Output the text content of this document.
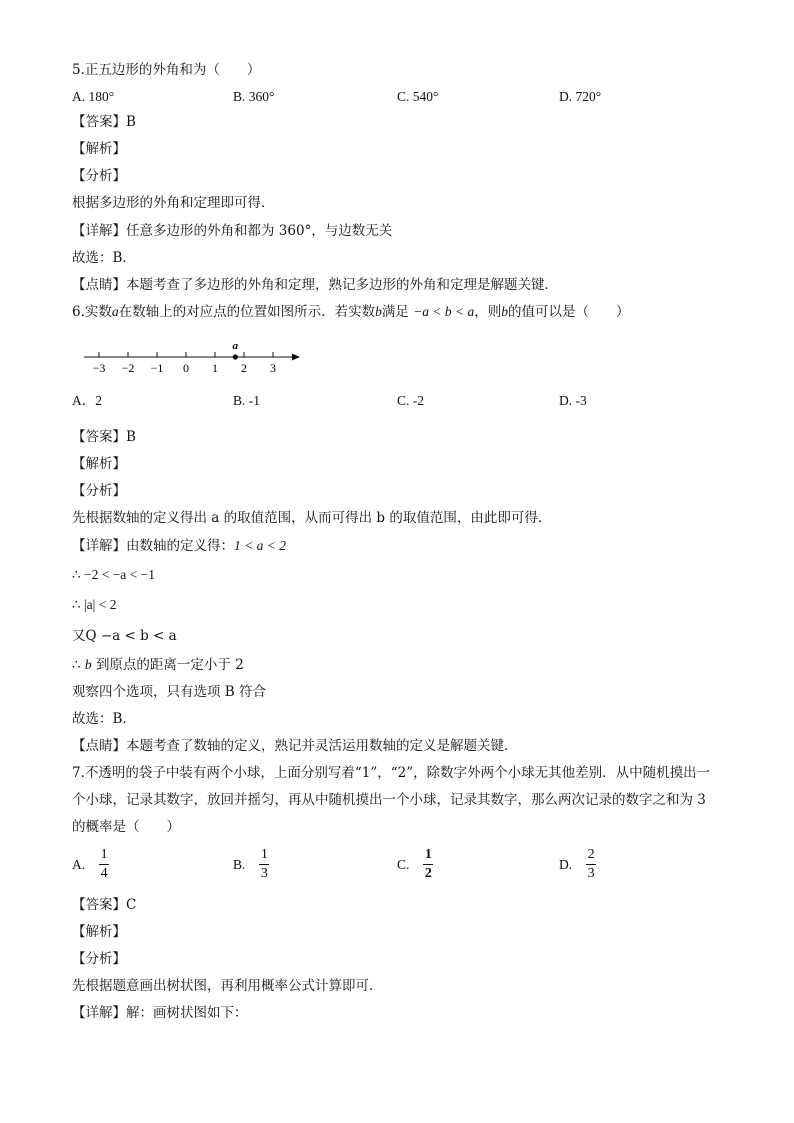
5.正五边形的外角和为（　　）
A. 180°	B. 360°	C. 540°	D. 720°
【答案】B
【解析】
【分析】
根据多边形的外角和定理即可得．
【详解】任意多边形的外角和都为 360°，与边数无关
故选：B．
【点睛】本题考查了多边形的外角和定理，熟记多边形的外角和定理是解题关键．
6.实数a在数轴上的对应点的位置如图所示．若实数b满足 −a < b < a，则b的值可以是（　　）
−3 −2 −1 0 1 2 3
a
A．2	B. -1	C. -2	D. -3
【答案】B
【解析】
【分析】
先根据数轴的定义得出 a 的取值范围，从而可得出 b 的取值范围，由此即可得．
【详解】由数轴的定义得：1 < a < 2
∴ −2 < −a < −1
∴ |a| < 2
又Q −a < b < a
∴ b 到原点的距离一定小于 2
观察四个选项，只有选项 B 符合
故选：B．
【点睛】本题考查了数轴的定义，熟记并灵活运用数轴的定义是解题关键．
7.不透明的袋子中装有两个小球，上面分别写着“1”，“2”，除数字外两个小球无其他差别．从中随机摸出一
个小球，记录其数字，放回并摇匀，再从中随机摸出一个小球，记录其数字，那么两次记录的数字之和为 3
的概率是（　　）
A.
1
4
B.
1
3
C.
1
2
D.
2
3
【答案】C
【解析】
【分析】
先根据题意画出树状图，再利用概率公式计算即可．
【详解】解：画树状图如下：
